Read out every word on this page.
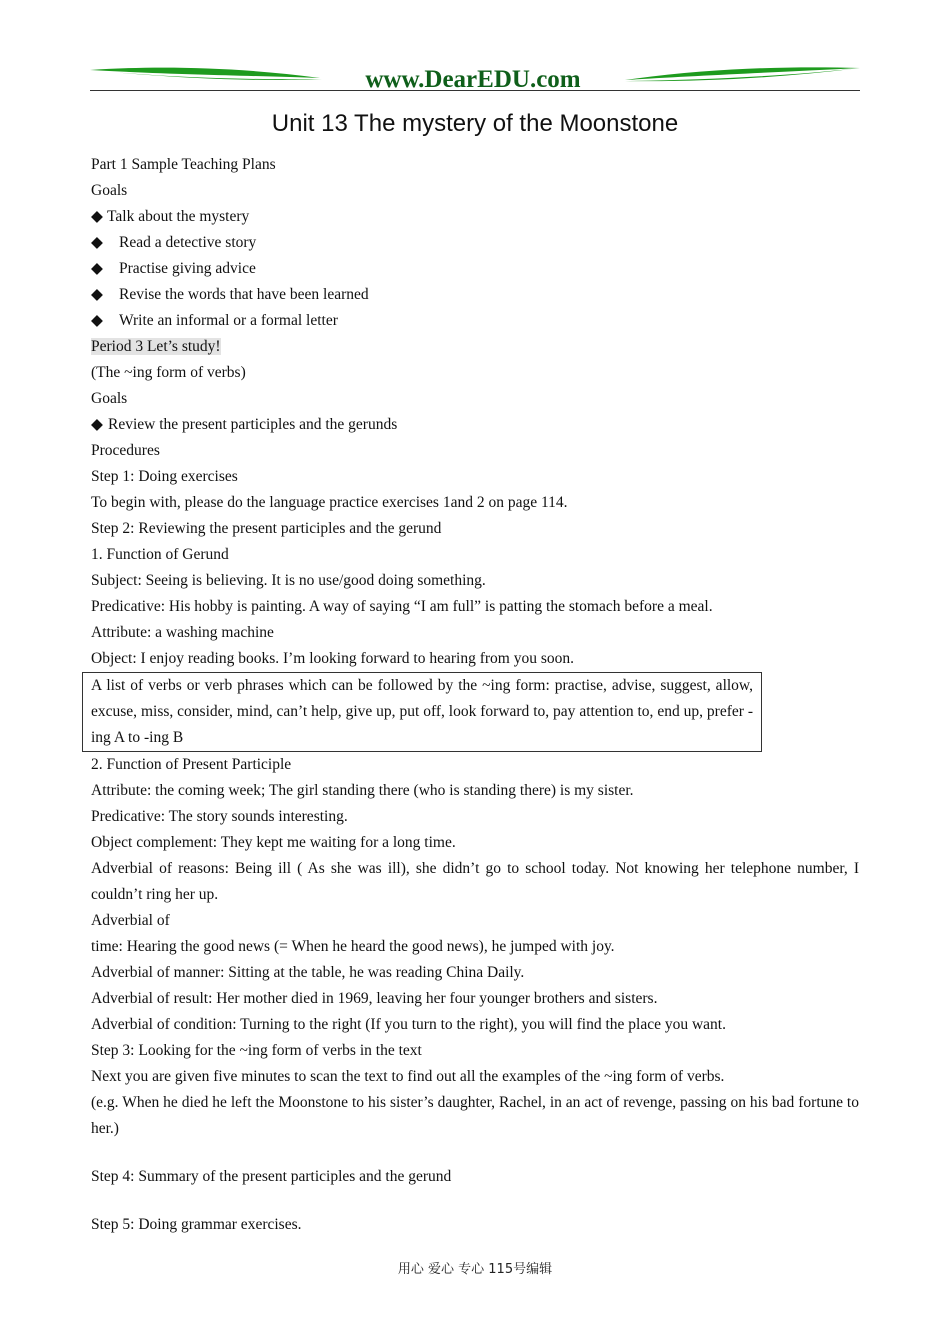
www.DearEDU.com
Unit 13 The mystery of the Moonstone
Part 1 Sample Teaching Plans
Goals
◆ Talk about the mystery
◆	Read a detective story
◆	Practise giving advice
◆	Revise the words that have been learned
◆	Write an informal or a formal letter
Period 3 Let’s study!
(The ~ing form of verbs)
Goals
◆ Review the present participles and the gerunds
Procedures
Step 1: Doing exercises
To begin with, please do the language practice exercises 1and 2 on page 114.
Step 2: Reviewing the present participles and the gerund
1. Function of Gerund
Subject: Seeing is believing. It is no use/good doing something.
Predicative: His hobby is painting. A way of saying “I am full” is patting the stomach before a meal.
Attribute: a washing machine
Object: I enjoy reading books. I’m looking forward to hearing from you soon.
A list of verbs or verb phrases which can be followed by the ~ing form: practise, advise, suggest, allow, excuse, miss, consider, mind, can’t help, give up, put off, look forward to, pay attention to, end up, prefer -ing A to -ing B
2. Function of Present Participle
Attribute: the coming week; The girl standing there (who is standing there) is my sister.
Predicative: The story sounds interesting.
Object complement: They kept me waiting for a long time.
Adverbial of reasons: Being ill ( As she was ill), she didn’t go to school today. Not knowing her telephone number, I couldn’t ring her up.
Adverbial of
time: Hearing the good news (= When he heard the good news), he jumped with joy.
Adverbial of manner: Sitting at the table, he was reading China Daily.
Adverbial of result: Her mother died in 1969, leaving her four younger brothers and sisters.
Adverbial of condition: Turning to the right (If you turn to the right), you will find the place you want.
Step 3: Looking for the ~ing form of verbs in the text
Next you are given five minutes to scan the text to find out all the examples of the ~ing form of verbs.
(e.g. When he died he left the Moonstone to his sister’s daughter, Rachel, in an act of revenge, passing on his bad fortune to her.)
Step 4: Summary of the present participles and the gerund
Step 5: Doing grammar exercises.
用心 爱心 专心 115号编辑
